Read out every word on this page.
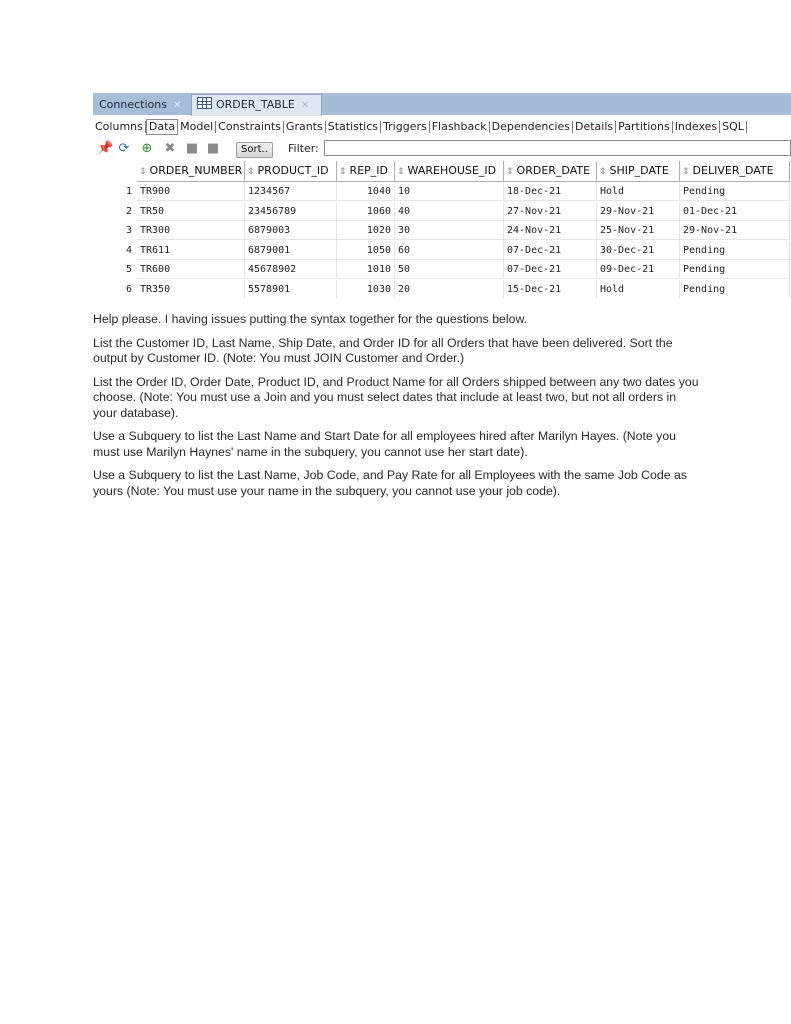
Connections ✕	ORDER_TABLE ✕
Columns Data Model Constraints Grants Statistics Triggers Flashback Dependencies Details Partitions Indexes SQL
📌 ⟳ ⊕ ✖ ■ ■	Sort..	Filter:
⇕ ORDER_NUMBER ⇕ PRODUCT_ID	⇕ REP_ID	⇕ WAREHOUSE_ID	⇕ ORDER_DATE ⇕ SHIP_DATE	⇕ DELIVER_DATE
1 TR900	1234567	1040 10	18-Dec-21	Hold	Pending
2 TR50	23456789	1060 40	27-Nov-21	29-Nov-21	01-Dec-21
3 TR300	6879003	1020 30	24-Nov-21	25-Nov-21	29-Nov-21
4 TR611	6879001	1050 60	07-Dec-21	30-Dec-21	Pending
5 TR600	45678902	1010 50	07-Dec-21	09-Dec-21	Pending
6 TR350	5578901	1030 20	15-Dec-21	Hold	Pending

Help please. I having issues putting the syntax together for the questions below.

List the Customer ID, Last Name, Ship Date, and Order ID for all Orders that have been delivered. Sort the output by Customer ID. (Note: You must JOIN Customer and Order.)

List the Order ID, Order Date, Product ID, and Product Name for all Orders shipped between any two dates you choose. (Note: You must use a Join and you must select dates that include at least two, but not all orders in your database).

Use a Subquery to list the Last Name and Start Date for all employees hired after Marilyn Hayes. (Note you must use Marilyn Haynes' name in the subquery, you cannot use her start date).

Use a Subquery to list the Last Name, Job Code, and Pay Rate for all Employees with the same Job Code as yours (Note: You must use your name in the subquery, you cannot use your job code).
